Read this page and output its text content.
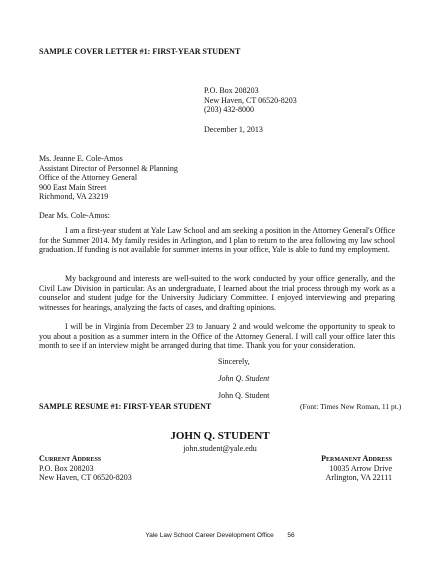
SAMPLE COVER LETTER #1: FIRST-YEAR STUDENT
P.O. Box 208203
New Haven, CT 06520-8203
(203) 432-8000
December 1, 2013
Ms. Jeanne E. Cole-Amos
Assistant Director of Personnel & Planning
Office of the Attorney General
900 East Main Street
Richmond, VA 23219
Dear Ms. Cole-Amos:
I am a first-year student at Yale Law School and am seeking a position in the Attorney General's Office for the Summer 2014. My family resides in Arlington, and I plan to return to the area following my law school graduation. If funding is not available for summer interns in your office, Yale is able to fund my employment.
My background and interests are well-suited to the work conducted by your office generally, and the Civil Law Division in particular. As an undergraduate, I learned about the trial process through my work as a counselor and student judge for the University Judiciary Committee. I enjoyed interviewing and preparing witnesses for hearings, analyzing the facts of cases, and drafting opinions.
I will be in Virginia from December 23 to January 2 and would welcome the opportunity to speak to you about a position as a summer intern in the Office of the Attorney General. I will call your office later this month to see if an interview might be arranged during that time. Thank you for your consideration.
Sincerely,
John Q. Student
John Q. Student
SAMPLE RESUME #1: FIRST-YEAR STUDENT	(Font: Times New Roman, 11 pt.)
JOHN Q. STUDENT
john.student@yale.edu
Current Address
P.O. Box 208203
New Haven, CT 06520-8203
Permanent Address
10035 Arrow Drive
Arlington, VA 22111
Yale Law School Career Development Office 56
